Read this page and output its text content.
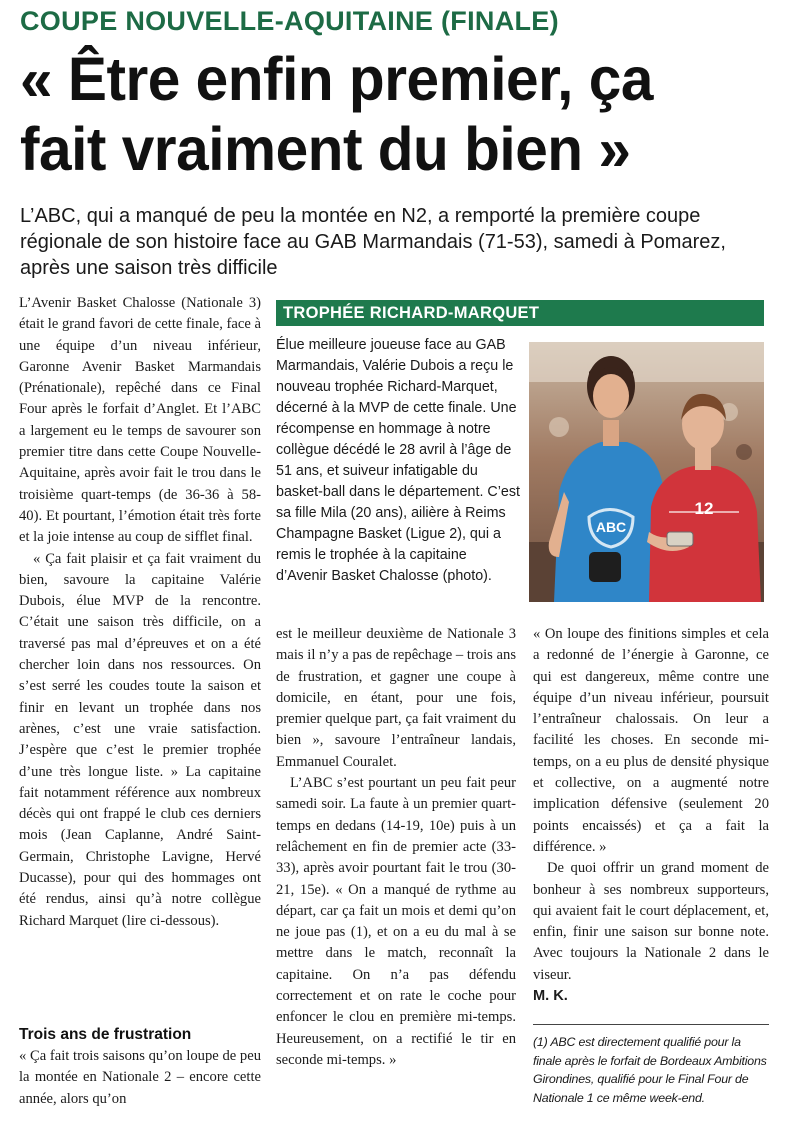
COUPE NOUVELLE-AQUITAINE (FINALE)
« Être enfin premier, ça fait vraiment du bien »
L’ABC, qui a manqué de peu la montée en N2, a remporté la première coupe régionale de son histoire face au GAB Marmandais (71-53), samedi à Pomarez, après une saison très difficile

L’Avenir Basket Chalosse (Nationale 3) était le grand favori de cette finale, face à une équipe d’un niveau inférieur, Garonne Avenir Basket Marmandais (Prénationale), repêché dans ce Final Four après le forfait d’Anglet. Et l’ABC a largement eu le temps de savourer son premier titre dans cette Coupe Nouvelle-Aquitaine, après avoir fait le trou dans le troisième quart-temps (de 36-36 à 58-40). Et pourtant, l’émotion était très forte et la joie intense au coup de sifflet final.

« Ça fait plaisir et ça fait vraiment du bien, savoure la capitaine Valérie Dubois, élue MVP de la rencontre. C’était une saison très difficile, on a traversé pas mal d’épreuves et on a été chercher loin dans nos ressources. On s’est serré les coudes toute la saison et finir en levant un trophée dans nos arènes, c’est une vraie satisfaction. J’espère que c’est le premier trophée d’une très longue liste. » La capitaine fait notamment référence aux nombreux décès qui ont frappé le club ces derniers mois (Jean Caplanne, André Saint-Germain, Christophe Lavigne, Hervé Ducasse), pour qui des hommages ont été rendus, ainsi qu’à notre collègue Richard Marquet (lire ci-dessous).

Trois ans de frustration

« Ça fait trois saisons qu’on loupe de peu la montée en Nationale 2 – encore cette année, alors qu’on

TROPHÉE RICHARD-MARQUET
Élue meilleure joueuse face au GAB Marmandais, Valérie Dubois a reçu le nouveau trophée Richard-Marquet, décerné à la MVP de cette finale. Une récompense en hommage à notre collègue décédé le 28 avril à l’âge de 51 ans, et suiveur infatigable du basket-ball dans le département. C’est sa fille Mila (20 ans), ailière à Reims Champagne Basket (Ligue 2), qui a remis le trophée à la capitaine d’Avenir Basket Chalosse (photo).
ABC
12

est le meilleur deuxième de Nationale 3 mais il n’y a pas de repêchage – trois ans de frustration, et gagner une coupe à domicile, en étant, pour une fois, premier quelque part, ça fait vraiment du bien », savoure l’entraîneur landais, Emmanuel Couralet.

L’ABC s’est pourtant un peu fait peur samedi soir. La faute à un premier quart-temps en dedans (14-19, 10e) puis à un relâchement en fin de premier acte (33-33), après avoir pourtant fait le trou (30-21, 15e). « On a manqué de rythme au départ, car ça fait un mois et demi qu’on ne joue pas (1), et on a eu du mal à se mettre dans le match, reconnaît la capitaine. On n’a pas défendu correctement et on rate le coche pour enfoncer le clou en première mi-temps. Heureusement, on a rectifié le tir en seconde mi-temps. »

« On loupe des finitions simples et cela a redonné de l’énergie à Garonne, ce qui est dangereux, même contre une équipe d’un niveau inférieur, poursuit l’entraîneur chalossais. On leur a facilité les choses. En seconde mi-temps, on a eu plus de densité physique et collective, on a augmenté notre implication défensive (seulement 20 points encaissés) et ça a fait la différence. »

De quoi offrir un grand moment de bonheur à ses nombreux supporteurs, qui avaient fait le court déplacement, et, enfin, finir une saison sur bonne note. Avec toujours la Nationale 2 dans le viseur.

M. K.

(1) ABC est directement qualifié pour la finale après le forfait de Bordeaux Ambitions Girondines, qualifié pour le Final Four de Nationale 1 ce même week-end.
